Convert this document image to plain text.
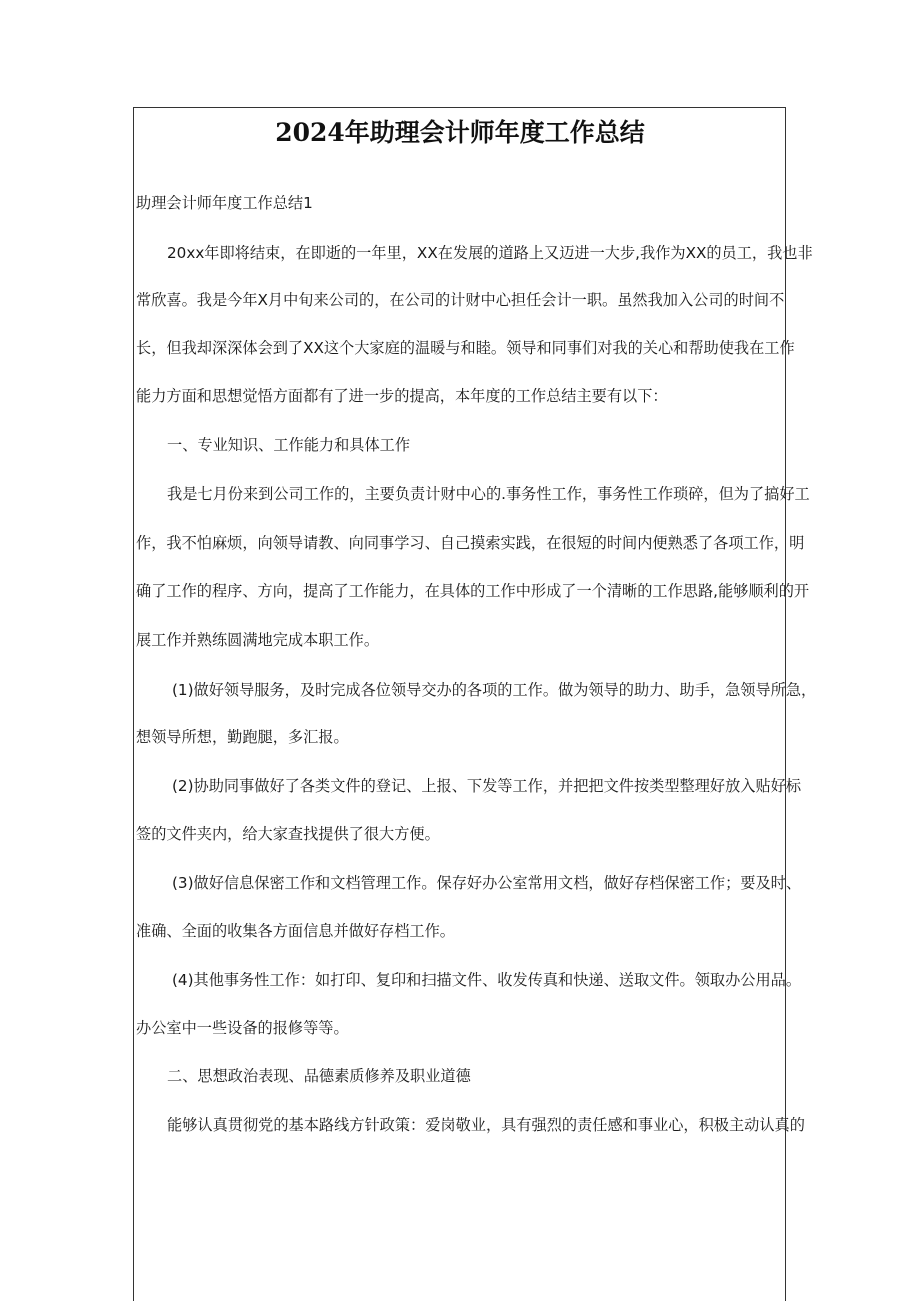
2024年助理会计师年度工作总结
助理会计师年度工作总结1
20xx年即将结束，在即逝的一年里，XX在发展的道路上又迈进一大步,我作为XX的员工，我也非
常欣喜。我是今年X月中旬来公司的，在公司的计财中心担任会计一职。虽然我加入公司的时间不
长，但我却深深体会到了XX这个大家庭的温暖与和睦。领导和同事们对我的关心和帮助使我在工作
能力方面和思想觉悟方面都有了进一步的提高，本年度的工作总结主要有以下：
一、专业知识、工作能力和具体工作
我是七月份来到公司工作的，主要负责计财中心的.事务性工作，事务性工作琐碎，但为了搞好工
作，我不怕麻烦，向领导请教、向同事学习、自己摸索实践，在很短的时间内便熟悉了各项工作，明
确了工作的程序、方向，提高了工作能力，在具体的工作中形成了一个清晰的工作思路,能够顺利的开
展工作并熟练圆满地完成本职工作。
(1)做好领导服务，及时完成各位领导交办的各项的工作。做为领导的助力、助手，急领导所急，
想领导所想，勤跑腿，多汇报。
(2)协助同事做好了各类文件的登记、上报、下发等工作，并把把文件按类型整理好放入贴好标
签的文件夹内，给大家查找提供了很大方便。
(3)做好信息保密工作和文档管理工作。保存好办公室常用文档，做好存档保密工作；要及时、
准确、全面的收集各方面信息并做好存档工作。
(4)其他事务性工作：如打印、复印和扫描文件、收发传真和快递、送取文件。领取办公用品。
办公室中一些设备的报修等等。
二、思想政治表现、品德素质修养及职业道德
能够认真贯彻党的基本路线方针政策：爱岗敬业，具有强烈的责任感和事业心，积极主动认真的
